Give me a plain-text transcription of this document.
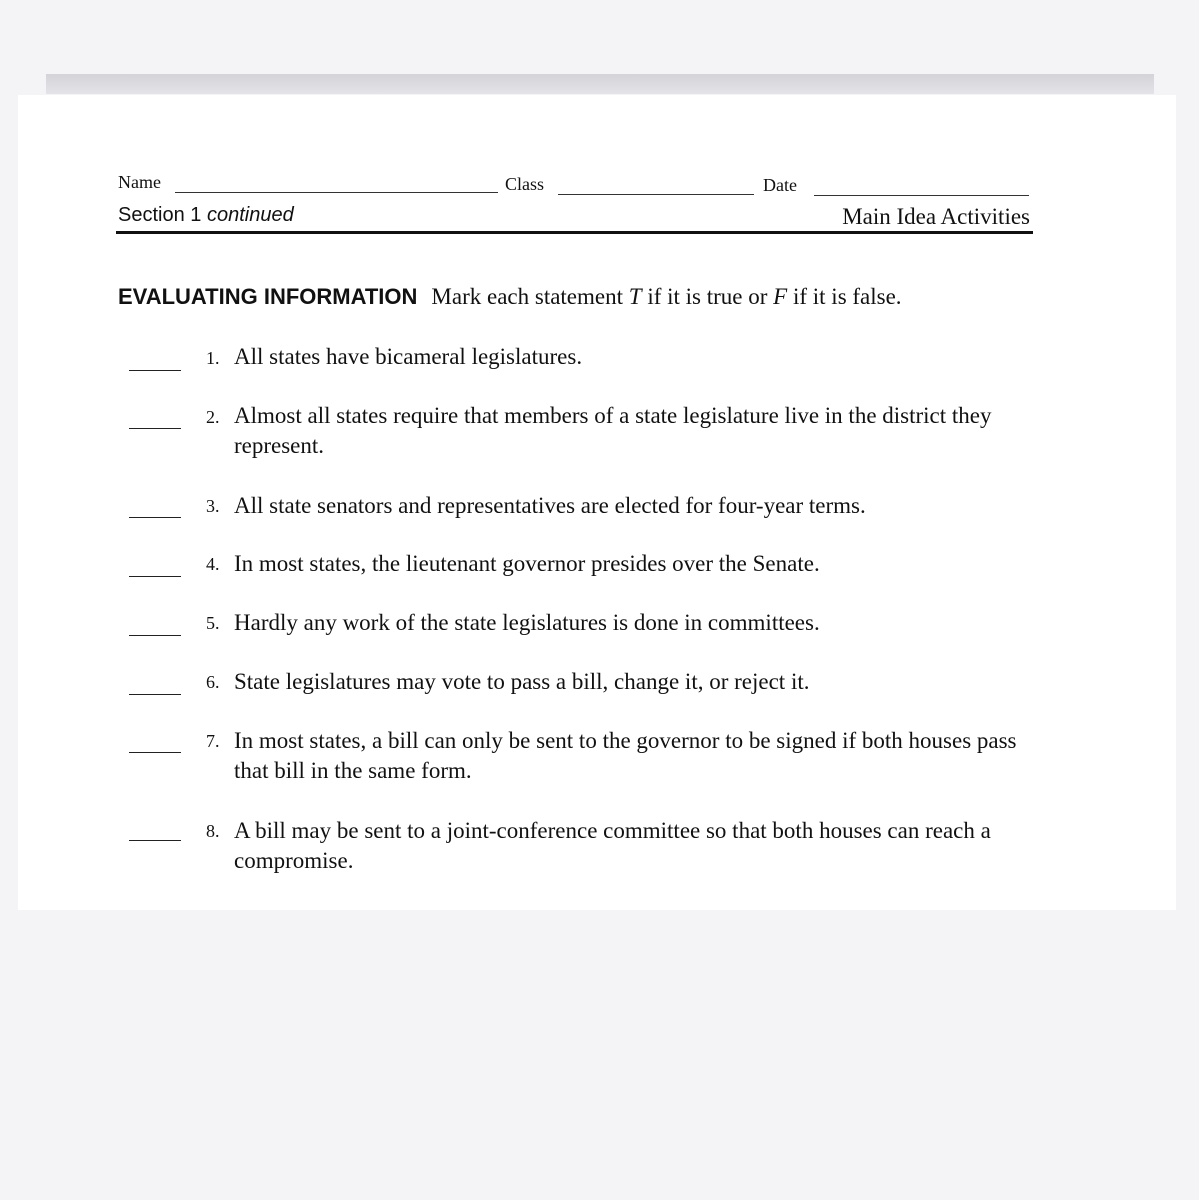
Name	Class	Date
Section 1 continued	Main Idea Activities
EVALUATING INFORMATION Mark each statement T if it is true or F if it is false.
1. All states have bicameral legislatures.
2. Almost all states require that members of a state legislature live in the district they represent.
3. All state senators and representatives are elected for four-year terms.
4. In most states, the lieutenant governor presides over the Senate.
5. Hardly any work of the state legislatures is done in committees.
6. State legislatures may vote to pass a bill, change it, or reject it.
7. In most states, a bill can only be sent to the governor to be signed if both houses pass that bill in the same form.
8. A bill may be sent to a joint-conference committee so that both houses can reach a compromise.
